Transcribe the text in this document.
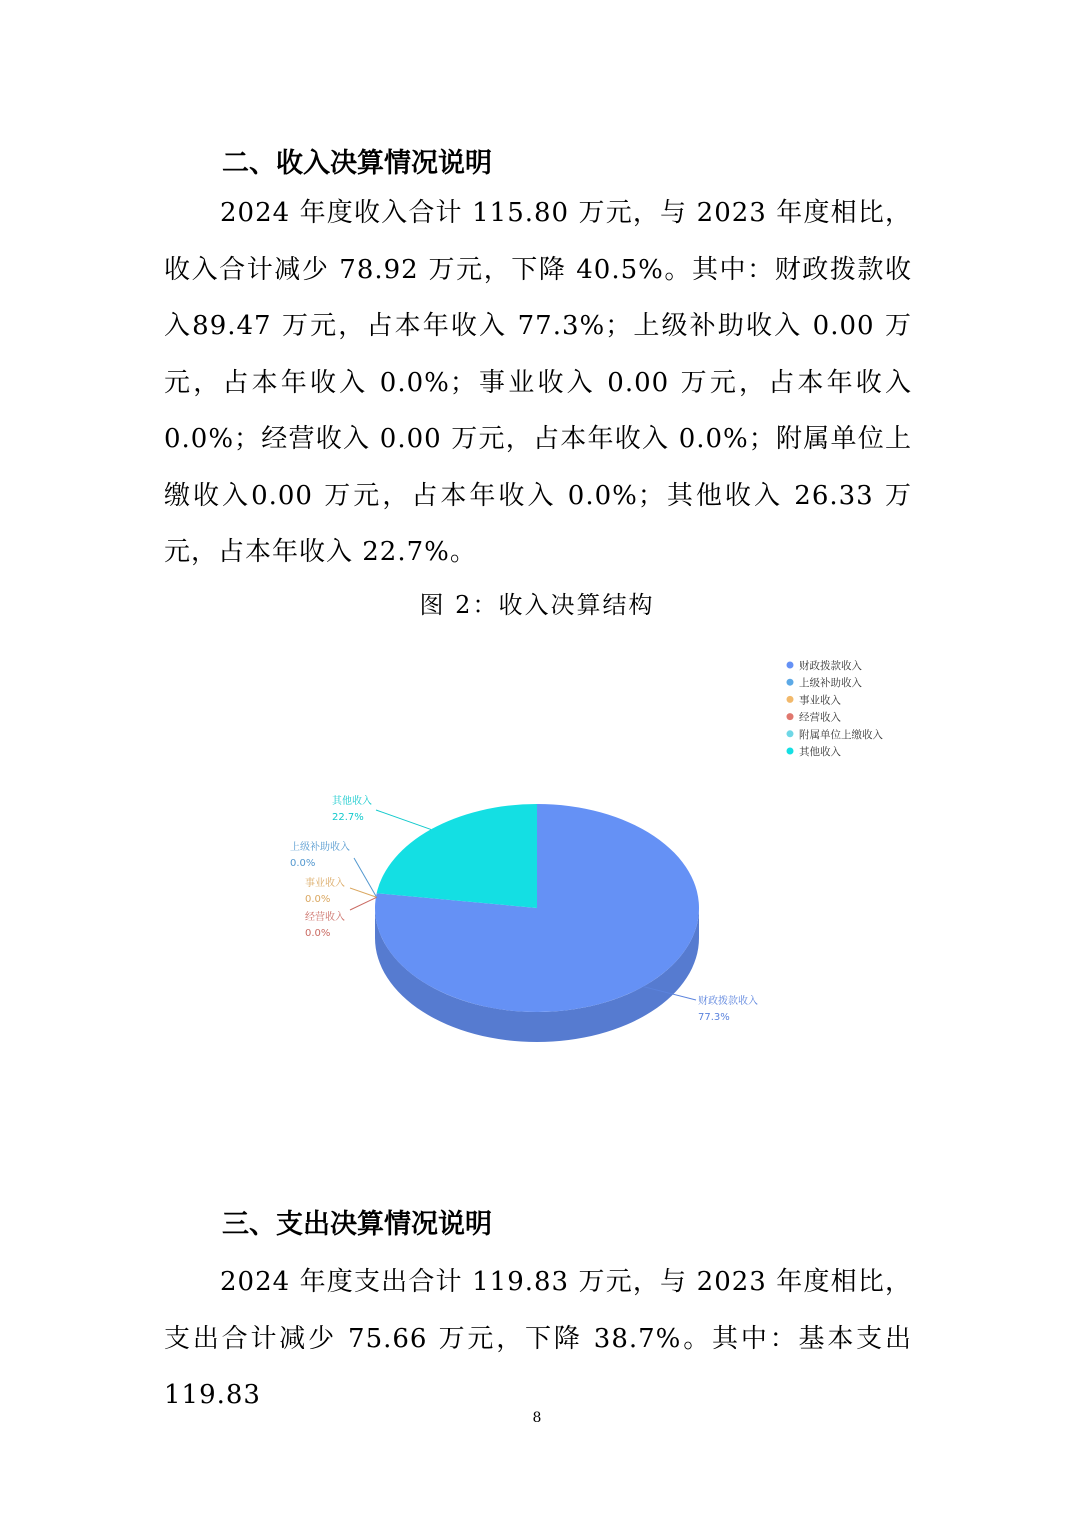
二、收入决算情况说明

2024 年度收入合计 115.80 万元，与 2023 年度相比，收入合计减少 78.92 万元，下降 40.5%。其中：财政拨款收入89.47 万元，占本年收入 77.3%；上级补助收入 0.00 万元，占本年收入 0.0%；事业收入 0.00 万元，占本年收入 0.0%；经营收入 0.00 万元，占本年收入 0.0%；附属单位上缴收入0.00 万元，占本年收入 0.0%；其他收入 26.33 万元，占本年收入 22.7%。

图 2：收入决算结构
财政拨款收入
77.3%
上级补助收入
0.0%
事业收入
0.0%
经营收入
0.0%
其他收入
22.7%
财政拨款收入
上级补助收入
事业收入
经营收入
附属单位上缴收入
其他收入
三、支出决算情况说明

2024 年度支出合计 119.83 万元，与 2023 年度相比，支出合计减少 75.66 万元，下降 38.7%。其中：基本支出 119.83

8
